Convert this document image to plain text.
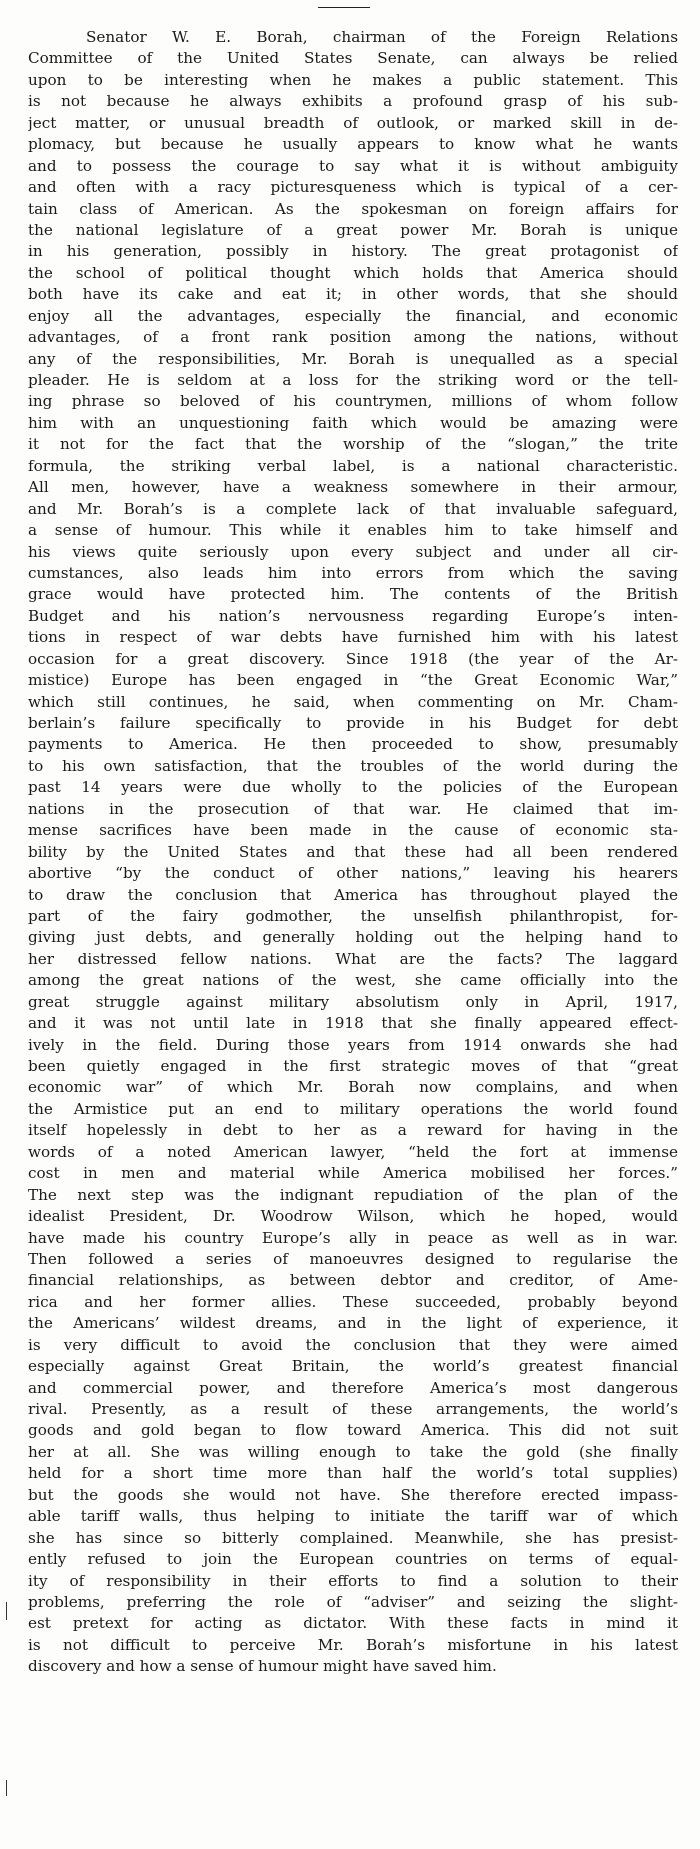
Senator W. E. Borah, chairman of the Foreign Relations
Committee of the United States Senate, can always be relied
upon to be interesting when he makes a public statement. This
is not because he always exhibits a profound grasp of his sub-
ject matter, or unusual breadth of outlook, or marked skill in de-
plomacy, but because he usually appears to know what he wants
and to possess the courage to say what it is without ambiguity
and often with a racy picturesqueness which is typical of a cer-
tain class of American. As the spokesman on foreign affairs for
the national legislature of a great power Mr. Borah is unique
in his generation, possibly in history. The great protagonist of
the school of political thought which holds that America should
both have its cake and eat it; in other words, that she should
enjoy all the advantages, especially the financial, and economic
advantages, of a front rank position among the nations, without
any of the responsibilities, Mr. Borah is unequalled as a special
pleader. He is seldom at a loss for the striking word or the tell-
ing phrase so beloved of his countrymen, millions of whom follow
him with an unquestioning faith which would be amazing were
it not for the fact that the worship of the “slogan,” the trite
formula, the striking verbal label, is a national characteristic.
All men, however, have a weakness somewhere in their armour,
and Mr. Borah’s is a complete lack of that invaluable safeguard,
a sense of humour. This while it enables him to take himself and
his views quite seriously upon every subject and under all cir-
cumstances, also leads him into errors from which the saving
grace would have protected him. The contents of the British
Budget and his nation’s nervousness regarding Europe’s inten-
tions in respect of war debts have furnished him with his latest
occasion for a great discovery. Since 1918 (the year of the Ar-
mistice) Europe has been engaged in “the Great Economic War,”
which still continues, he said, when commenting on Mr. Cham-
berlain’s failure specifically to provide in his Budget for debt
payments to America. He then proceeded to show, presumably
to his own satisfaction, that the troubles of the world during the
past 14 years were due wholly to the policies of the European
nations in the prosecution of that war. He claimed that im-
mense sacrifices have been made in the cause of economic sta-
bility by the United States and that these had all been rendered
abortive “by the conduct of other nations,” leaving his hearers
to draw the conclusion that America has throughout played the
part of the fairy godmother, the unselfish philanthropist, for-
giving just debts, and generally holding out the helping hand to
her distressed fellow nations. What are the facts? The laggard
among the great nations of the west, she came officially into the
great struggle against military absolutism only in April, 1917,
and it was not until late in 1918 that she finally appeared effect-
ively in the field. During those years from 1914 onwards she had
been quietly engaged in the first strategic moves of that “great
economic war” of which Mr. Borah now complains, and when
the Armistice put an end to military operations the world found
itself hopelessly in debt to her as a reward for having in the
words of a noted American lawyer, “held the fort at immense
cost in men and material while America mobilised her forces.”
The next step was the indignant repudiation of the plan of the
idealist President, Dr. Woodrow Wilson, which he hoped, would
have made his country Europe’s ally in peace as well as in war.
Then followed a series of manoeuvres designed to regularise the
financial relationships, as between debtor and creditor, of Ame-
rica and her former allies. These succeeded, probably beyond
the Americans’ wildest dreams, and in the light of experience, it
is very difficult to avoid the conclusion that they were aimed
especially against Great Britain, the world’s greatest financial
and commercial power, and therefore America’s most dangerous
rival. Presently, as a result of these arrangements, the world’s
goods and gold began to flow toward America. This did not suit
her at all. She was willing enough to take the gold (she finally
held for a short time more than half the world’s total supplies)
but the goods she would not have. She therefore erected impass-
able tariff walls, thus helping to initiate the tariff war of which
she has since so bitterly complained. Meanwhile, she has presist-
ently refused to join the European countries on terms of equal-
ity of responsibility in their efforts to find a solution to their
problems, preferring the role of “adviser” and seizing the slight-
est pretext for acting as dictator. With these facts in mind it
is not difficult to perceive Mr. Borah’s misfortune in his latest
discovery and how a sense of humour might have saved him.
